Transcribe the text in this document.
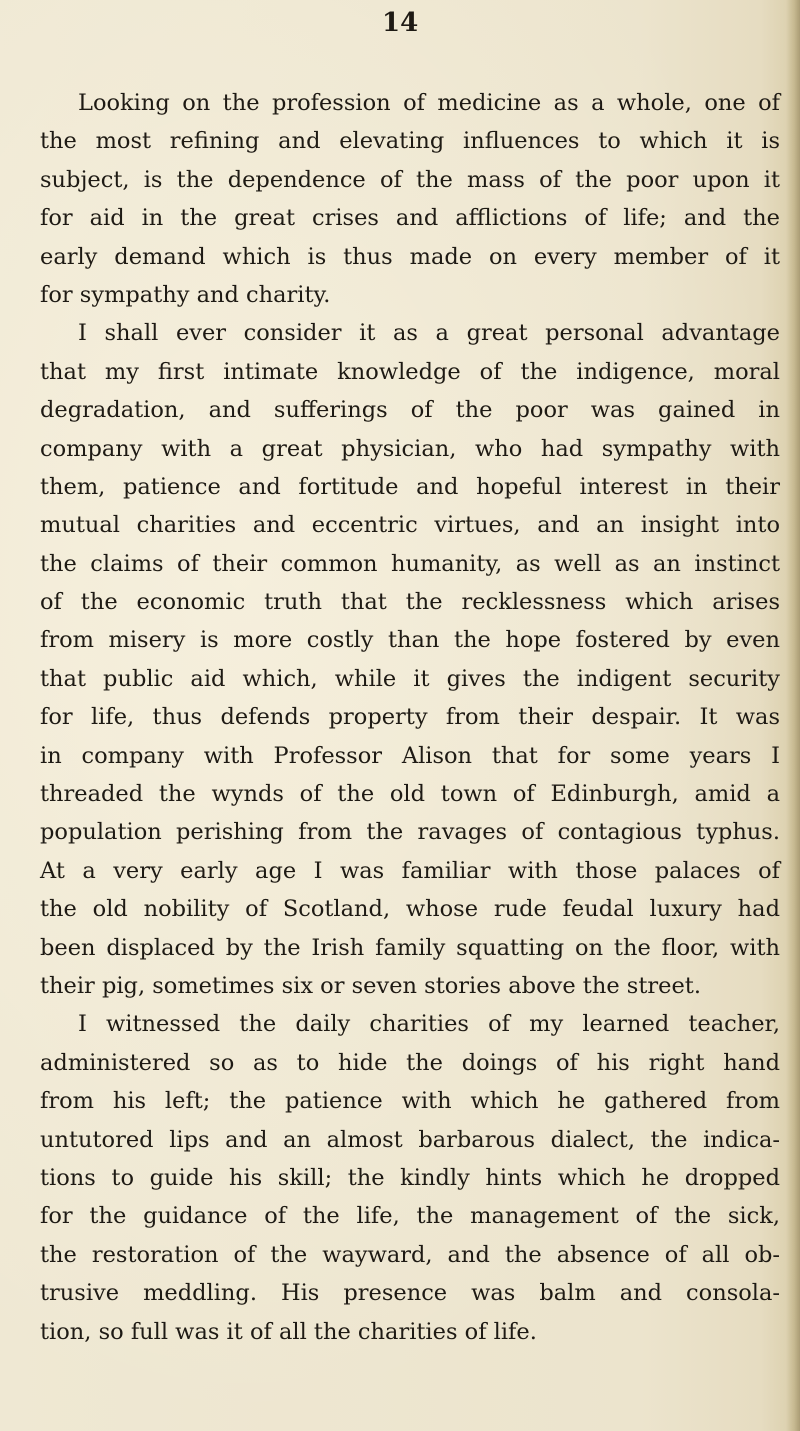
14
Looking on the profession of medicine as a whole, one of
the most refining and elevating influences to which it is
subject, is the dependence of the mass of the poor upon it
for aid in the great crises and afflictions of life; and the
early demand which is thus made on every member of it
for sympathy and charity.
I shall ever consider it as a great personal advantage
that my first intimate knowledge of the indigence, moral
degradation, and sufferings of the poor was gained in
company with a great physician, who had sympathy with
them, patience and fortitude and hopeful interest in their
mutual charities and eccentric virtues, and an insight into
the claims of their common humanity, as well as an instinct
of the economic truth that the recklessness which arises
from misery is more costly than the hope fostered by even
that public aid which, while it gives the indigent security
for life, thus defends property from their despair. It was
in company with Professor Alison that for some years I
threaded the wynds of the old town of Edinburgh, amid a
population perishing from the ravages of contagious typhus.
At a very early age I was familiar with those palaces of
the old nobility of Scotland, whose rude feudal luxury had
been displaced by the Irish family squatting on the floor, with
their pig, sometimes six or seven stories above the street.
I witnessed the daily charities of my learned teacher,
administered so as to hide the doings of his right hand
from his left; the patience with which he gathered from
untutored lips and an almost barbarous dialect, the indica-
tions to guide his skill; the kindly hints which he dropped
for the guidance of the life, the management of the sick,
the restoration of the wayward, and the absence of all ob-
trusive meddling. His presence was balm and consola-
tion, so full was it of all the charities of life.
